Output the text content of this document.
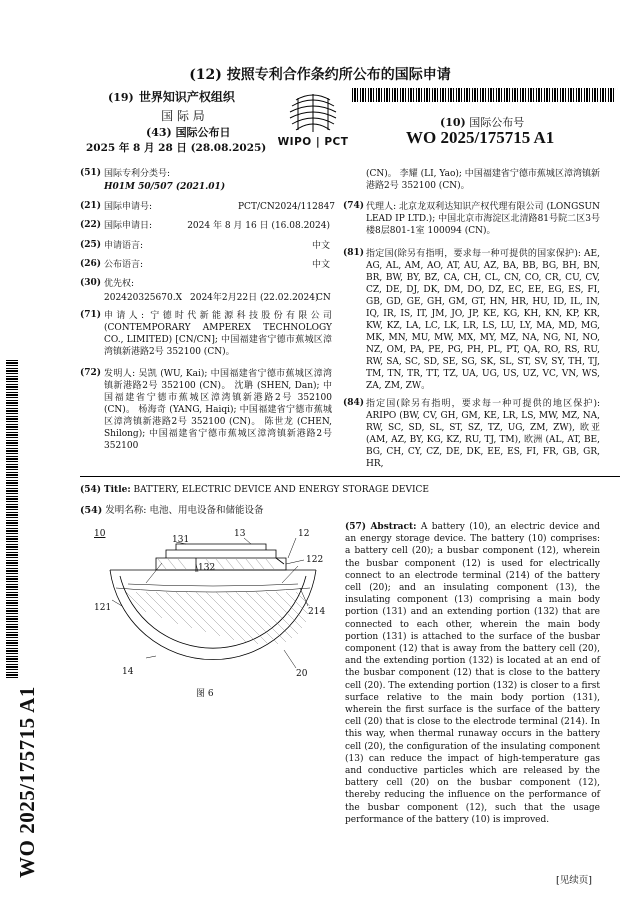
(12) 按照专利合作条约所公布的国际申请
(19) 世界知识产权组织
国 际 局
(43) 国际公布日
2025 年 8 月 28 日 (28.08.2025)	WIPO | PCT
(10) 国际公布号
WO 2025/175715 A1
(51) 国际专利分类号:
H01M 50/507 (2021.01)
(21) 国际申请号:	PCT/CN2024/112847
(22) 国际申请日:	2024 年 8 月 16 日 (16.08.2024)
(25) 申请语言:	中文
(26) 公布语言:	中文
(30) 优先权:
202420325670.X 2024年2月22日 (22.02.2024)
CN
(71) 申请人: 宁德时代新能源科技股份有限公司 (CONTEMPORARY AMPEREX TECHNOLOGY CO., LIMITED) [CN/CN]; 中国福建省宁德市蕉城区漳湾镇新港路2号 352100 (CN)。
(72) 发明人: 吴凯 (WU, Kai); 中国福建省宁德市蕉城区漳湾镇新港路2号 352100 (CN)。 沈聃 (SHEN, Dan); 中国福建省宁德市蕉城区漳湾镇新港路2号 352100 (CN)。 杨海奇 (YANG, Haiqi); 中国福建省宁德市蕉城区漳湾镇新港路2号 352100 (CN)。 陈世龙 (CHEN, Shilong); 中国福建省宁德市蕉城区漳湾镇新港路2号 352100
(CN)。 李耀 (LI, Yao); 中国福建省宁德市蕉城区漳湾镇新港路2号 352100 (CN)。
(74) 代理人: 北京龙双利达知识产权代理有限公司 (LONGSUN LEAD IP LTD.); 中国北京市海淀区北清路81号院二区3号楼8层801-1室 100094 (CN)。
(81) 指定国(除另有指明，要求每一种可提供的国家保护): AE, AG, AL, AM, AO, AT, AU, AZ, BA, BB, BG, BH, BN, BR, BW, BY, BZ, CA, CH, CL, CN, CO, CR, CU, CV, CZ, DE, DJ, DK, DM, DO, DZ, EC, EE, EG, ES, FI, GB, GD, GE, GH, GM, GT, HN, HR, HU, ID, IL, IN, IQ, IR, IS, IT, JM, JO, JP, KE, KG, KH, KN, KP, KR, KW, KZ, LA, LC, LK, LR, LS, LU, LY, MA, MD, MG, MK, MN, MU, MW, MX, MY, MZ, NA, NG, NI, NO, NZ, OM, PA, PE, PG, PH, PL, PT, QA, RO, RS, RU, RW, SA, SC, SD, SE, SG, SK, SL, ST, SV, SY, TH, TJ, TM, TN, TR, TT, TZ, UA, UG, US, UZ, VC, VN, WS, ZA, ZM, ZW。
(84) 指定国(除另有指明，要求每一种可提供的地区保护): ARIPO (BW, CV, GH, GM, KE, LR, LS, MW, MZ, NA, RW, SC, SD, SL, ST, SZ, TZ, UG, ZM, ZW), 欧亚 (AM, AZ, BY, KG, KZ, RU, TJ, TM), 欧洲 (AL, AT, BE, BG, CH, CY, CZ, DE, DK, EE, ES, FI, FR, GB, GR, HR,
(54) Title: BATTERY, ELECTRIC DEVICE AND ENERGY STORAGE DEVICE
(54) 发明名称: 电池、用电设备和储能设备
10
131
13	12
122
132
121	214
14	20
图 6
(57) Abstract: A battery (10), an electric device and an energy storage device. The battery (10) comprises: a battery cell (20); a busbar component (12), wherein the busbar component (12) is used for electrically connect to an electrode terminal (214) of the battery cell (20); and an insulating component (13), the insulating component (13) comprising a main body portion (131) and an extending portion (132) that are connected to each other, wherein the main body portion (131) is attached to the surface of the busbar component (12) that is away from the battery cell (20), and the extending portion (132) is located at an end of the busbar component (12) that is close to the battery cell (20). The extending portion (132) is closer to a first surface relative to the main body portion (131), wherein the first surface is the surface of the battery cell (20) that is close to the electrode terminal (214). In this way, when thermal runaway occurs in the battery cell (20), the configuration of the insulating component (13) can reduce the impact of high-temperature gas and conductive particles which are released by the battery cell (20) on the busbar component (12), thereby reducing the influence on the performance of the busbar component (12), such that the usage performance of the battery (10) is improved.
WO 2025/175715 A1
[见续页]
